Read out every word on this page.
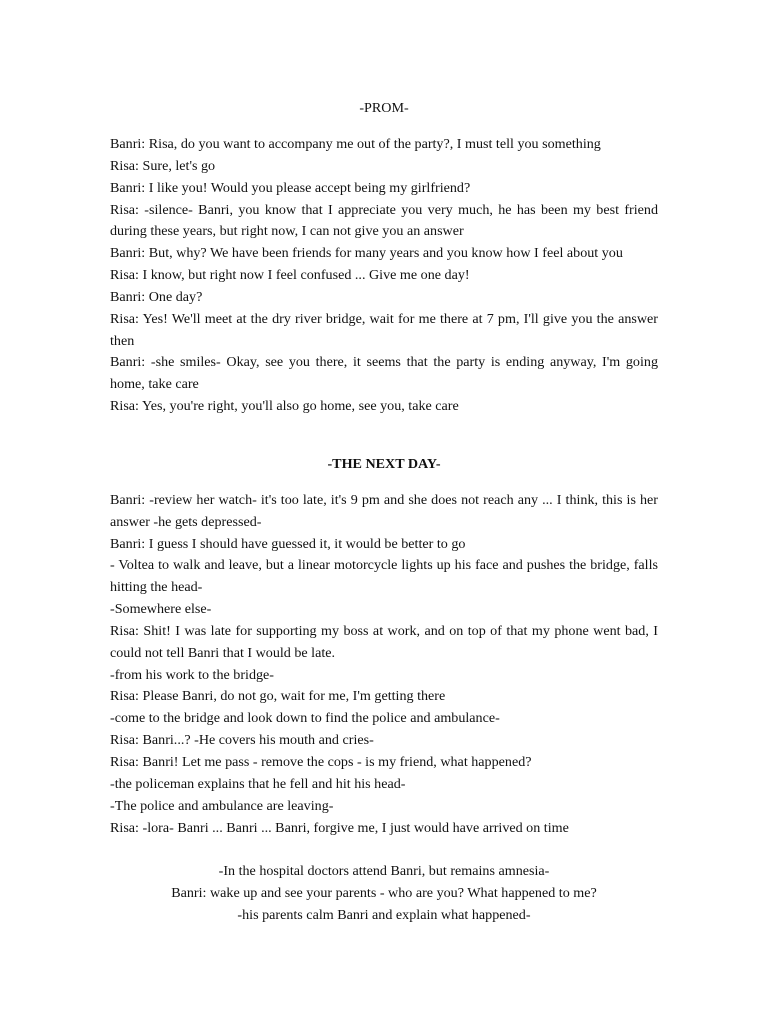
-PROM-

Banri: Risa, do you want to accompany me out of the party?, I must tell you something

Risa: Sure, let's go

Banri: I like you! Would you please accept being my girlfriend?

Risa: -silence- Banri, you know that I appreciate you very much, he has been my best friend during these years, but right now, I can not give you an answer

Banri: But, why? We have been friends for many years and you know how I feel about you

Risa: I know, but right now I feel confused ... Give me one day!

Banri: One day?

Risa: Yes! We'll meet at the dry river bridge, wait for me there at 7 pm, I'll give you the answer then

Banri: -she smiles- Okay, see you there, it seems that the party is ending anyway, I'm going home, take care

Risa: Yes, you're right, you'll also go home, see you, take care

-THE NEXT DAY-

Banri: -review her watch- it's too late, it's 9 pm and she does not reach any ... I think, this is her answer -he gets depressed-

Banri: I guess I should have guessed it, it would be better to go

- Voltea to walk and leave, but a linear motorcycle lights up his face and pushes the bridge, falls hitting the head-

-Somewhere else-

Risa: Shit! I was late for supporting my boss at work, and on top of that my phone went bad, I could not tell Banri that I would be late.

-from his work to the bridge-

Risa: Please Banri, do not go, wait for me, I'm getting there

-come to the bridge and look down to find the police and ambulance-

Risa: Banri...? -He covers his mouth and cries-

Risa: Banri! Let me pass - remove the cops - is my friend, what happened?

-the policeman explains that he fell and hit his head-

-The police and ambulance are leaving-

Risa: -lora- Banri ... Banri ... Banri, forgive me, I just would have arrived on time

-In the hospital doctors attend Banri, but remains amnesia-

Banri: wake up and see your parents - who are you? What happened to me?

-his parents calm Banri and explain what happened-
